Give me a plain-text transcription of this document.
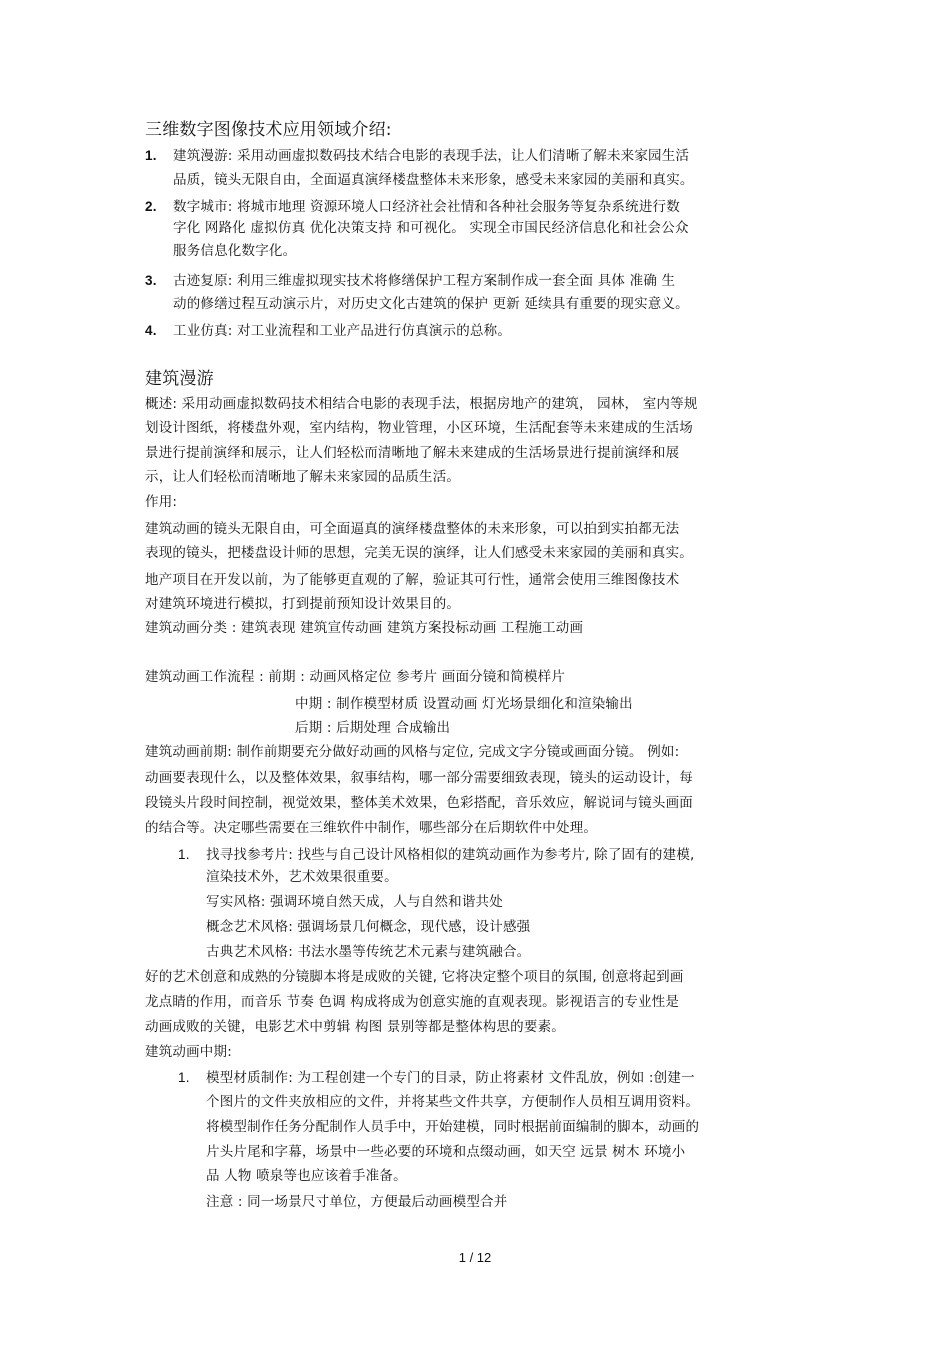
三维数字图像技术应用领域介绍:
1. 建筑漫游: 采用动画虚拟数码技术结合电影的表现手法，让人们清晰了解未来家园生活
品质，镜头无限自由，全面逼真演绎楼盘整体未来形象，感受未来家园的美丽和真实。
2. 数字城市: 将城市地理 资源环境人口经济社会社情和各种社会服务等复杂系统进行数
字化 网路化 虚拟仿真 优化决策支持 和可视化。 实现全市国民经济信息化和社会公众
服务信息化数字化。
3. 古迹复原: 利用三维虚拟现实技术将修缮保护工程方案制作成一套全面 具体 准确 生
动的修缮过程互动演示片，对历史文化古建筑的保护 更新 延续具有重要的现实意义。
4. 工业仿真: 对工业流程和工业产品进行仿真演示的总称。
建筑漫游
概述: 采用动画虚拟数码技术相结合电影的表现手法，根据房地产的建筑， 园林， 室内等规
划设计图纸，将楼盘外观，室内结构，物业管理，小区环境，生活配套等未来建成的生活场
景进行提前演绎和展示，让人们轻松而清晰地了解未来建成的生活场景进行提前演绎和展
示，让人们轻松而清晰地了解未来家园的品质生活。
作用:
建筑动画的镜头无限自由，可全面逼真的演绎楼盘整体的未来形象，可以拍到实拍都无法
表现的镜头，把楼盘设计师的思想，完美无误的演绎，让人们感受未来家园的美丽和真实。
地产项目在开发以前，为了能够更直观的了解，验证其可行性，通常会使用三维图像技术
对建筑环境进行模拟，打到提前预知设计效果目的。
建筑动画分类 : 建筑表现 建筑宣传动画 建筑方案投标动画 工程施工动画
建筑动画工作流程 : 前期 : 动画风格定位 参考片 画面分镜和简模样片
中期 : 制作模型材质 设置动画 灯光场景细化和渲染输出
后期 : 后期处理 合成输出
建筑动画前期: 制作前期要充分做好动画的风格与定位, 完成文字分镜或画面分镜。 例如:
动画要表现什么，以及整体效果，叙事结构，哪一部分需要细致表现，镜头的运动设计，每
段镜头片段时间控制，视觉效果，整体美术效果，色彩搭配，音乐效应，解说词与镜头画面
的结合等。决定哪些需要在三维软件中制作，哪些部分在后期软件中处理。
1. 找寻找参考片: 找些与自己设计风格相似的建筑动画作为参考片, 除了固有的建模,
渲染技术外，艺术效果很重要。
写实风格: 强调环境自然天成，人与自然和谐共处
概念艺术风格: 强调场景几何概念，现代感，设计感强
古典艺术风格: 书法水墨等传统艺术元素与建筑融合。
好的艺术创意和成熟的分镜脚本将是成败的关键, 它将决定整个项目的氛围, 创意将起到画
龙点睛的作用，而音乐 节奏 色调 构成将成为创意实施的直观表现。影视语言的专业性是
动画成败的关键，电影艺术中剪辑 构图 景别等都是整体构思的要素。
建筑动画中期:
1. 模型材质制作: 为工程创建一个专门的目录，防止将素材 文件乱放，例如 :创建一
个图片的文件夹放相应的文件，并将某些文件共享，方便制作人员相互调用资料。
将模型制作任务分配制作人员手中，开始建模，同时根据前面编制的脚本，动画的
片头片尾和字幕，场景中一些必要的环境和点缀动画，如天空 远景 树木 环境小
品 人物 喷泉等也应该着手准备。
注意 : 同一场景尺寸单位，方便最后动画模型合并
1 / 12
